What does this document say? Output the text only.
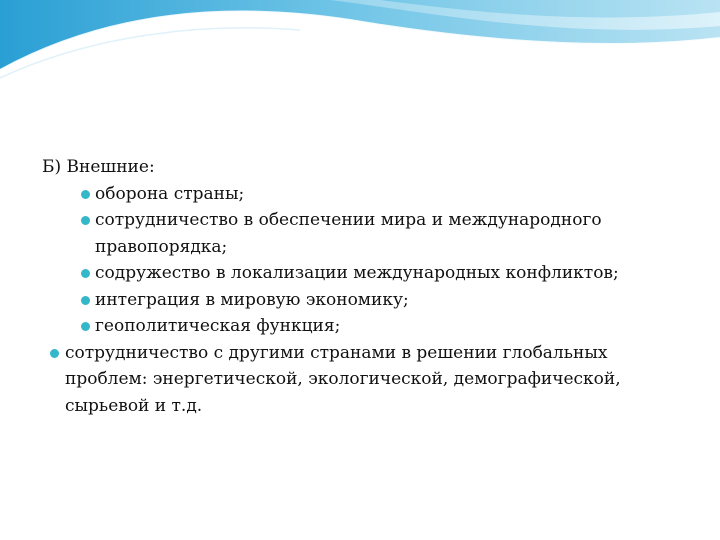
Б) Внешние:

оборона страны;
сотрудничество в обеспечении мира и международного правопорядка;
содружество в локализации международных конфликтов;
интеграция в мировую экономику;
геополитическая функция;
сотрудничество с другими странами в решении глобальных проблем: энергетической, экологической, демографической, сырьевой и т.д.
